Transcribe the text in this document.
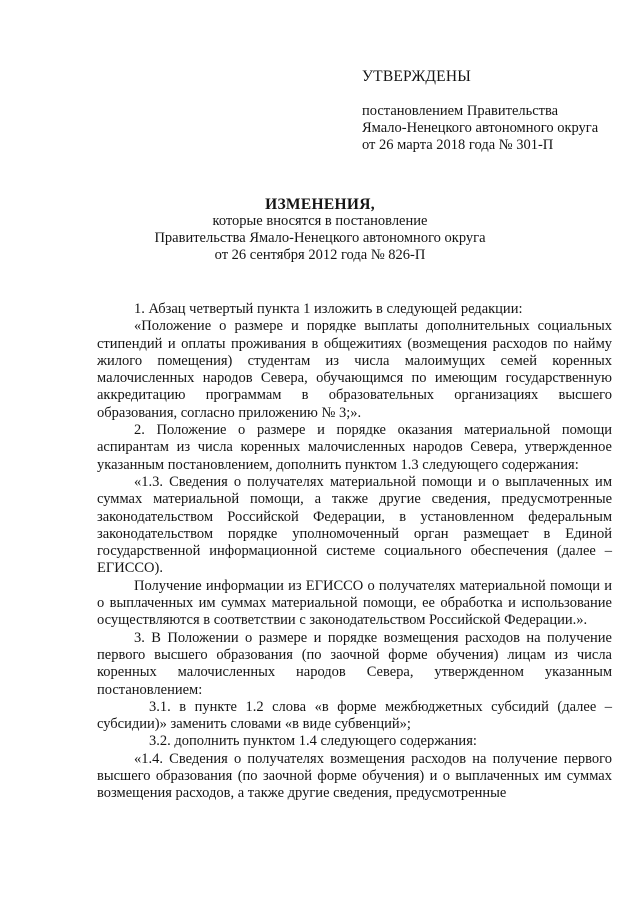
УТВЕРЖДЕНЫ
постановлением Правительства
Ямало-Ненецкого автономного округа
от 26 марта 2018 года № 301-П
ИЗМЕНЕНИЯ,
которые вносятся в постановление
Правительства Ямало-Ненецкого автономного округа
от 26 сентября 2012 года № 826-П

1. Абзац четвертый пункта 1 изложить в следующей редакции:

«Положение о размере и порядке выплаты дополнительных социальных стипендий и оплаты проживания в общежитиях (возмещения расходов по найму жилого помещения) студентам из числа малоимущих семей коренных малочисленных народов Севера, обучающимся по имеющим государственную аккредитацию программам в образовательных организациях высшего образования, согласно приложению № 3;».

2. Положение о размере и порядке оказания материальной помощи аспирантам из числа коренных малочисленных народов Севера, утвержденное указанным постановлением, дополнить пунктом 1.3 следующего содержания:

«1.3. Сведения о получателях материальной помощи и о выплаченных им суммах материальной помощи, а также другие сведения, предусмотренные законодательством Российской Федерации, в установленном федеральным законодательством порядке уполномоченный орган размещает в Единой государственной информационной системе социального обеспечения (далее – ЕГИССО).

Получение информации из ЕГИССО о получателях материальной помощи и о выплаченных им суммах материальной помощи, ее обработка и использование осуществляются в соответствии с законодательством Российской Федерации.».

3. В Положении о размере и порядке возмещения расходов на получение первого высшего образования (по заочной форме обучения) лицам из числа коренных малочисленных народов Севера, утвержденном указанным постановлением:

3.1. в пункте 1.2 слова «в форме межбюджетных субсидий (далее – субсидии)» заменить словами «в виде субвенций»;

3.2. дополнить пунктом 1.4 следующего содержания:

«1.4. Сведения о получателях возмещения расходов на получение первого высшего образования (по заочной форме обучения) и о выплаченных им суммах возмещения расходов, а также другие сведения, предусмотренные
